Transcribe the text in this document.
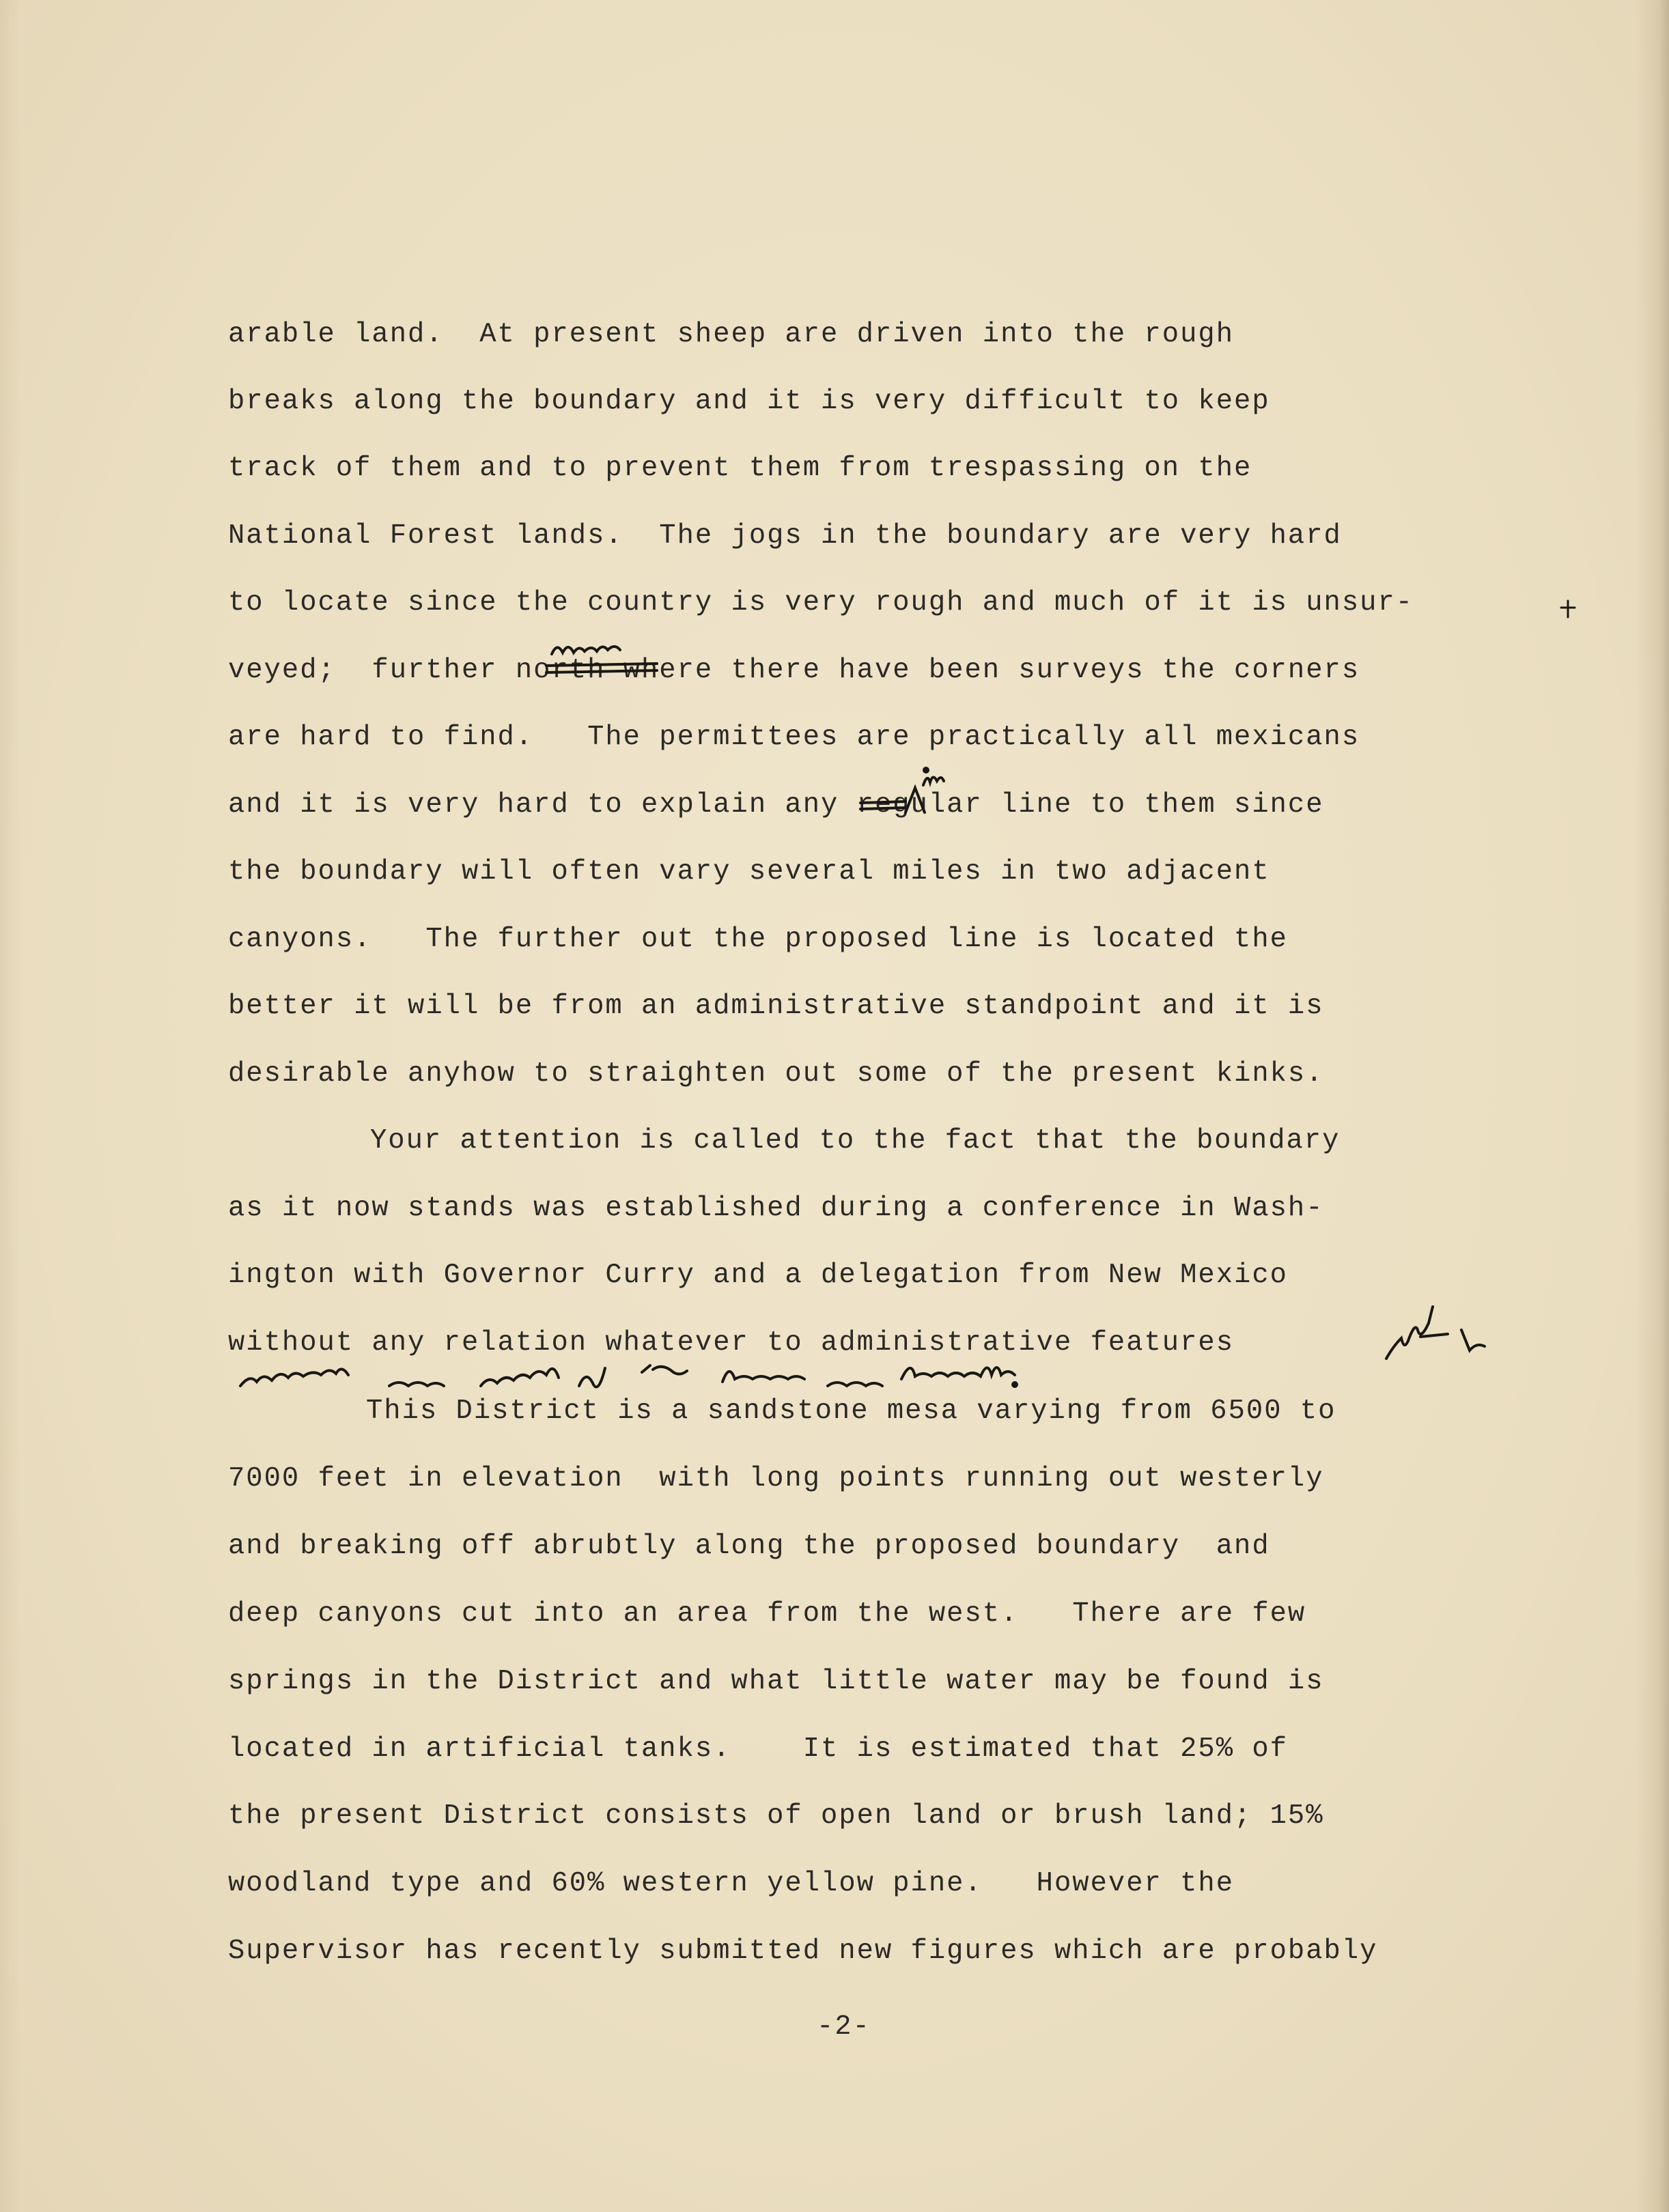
arable land.  At present sheep are driven into the rough

breaks along the boundary and it is very difficult to keep

track of them and to prevent them from trespassing on the

National Forest lands.  The jogs in the boundary are very hard

to locate since the country is very rough and much of it is unsur-

veyed;  further north where there have been surveys the corners

are hard to find.   The permittees are practically all mexicans

and it is very hard to explain any regular line to them since

the boundary will often vary several miles in two adjacent

canyons.   The further out the proposed line is located the

better it will be from an administrative standpoint and it is

desirable anyhow to straighten out some of the present kinks.

Your attention is called to the fact that the boundary

as it now stands was established during a conference in Wash-

ington with Governor Curry and a delegation from New Mexico

without any relation whatever to administrative features

This District is a sandstone mesa varying from 6500 to

7000 feet in elevation  with long points running out westerly

and breaking off abrubtly along the proposed boundary  and

deep canyons cut into an area from the west.   There are few

springs in the District and what little water may be found is

located in artificial tanks.    It is estimated that 25% of

the present District consists of open land or brush land; 15%

woodland type and 60% western yellow pine.   However the

Supervisor has recently submitted new figures which are probably

-2-
